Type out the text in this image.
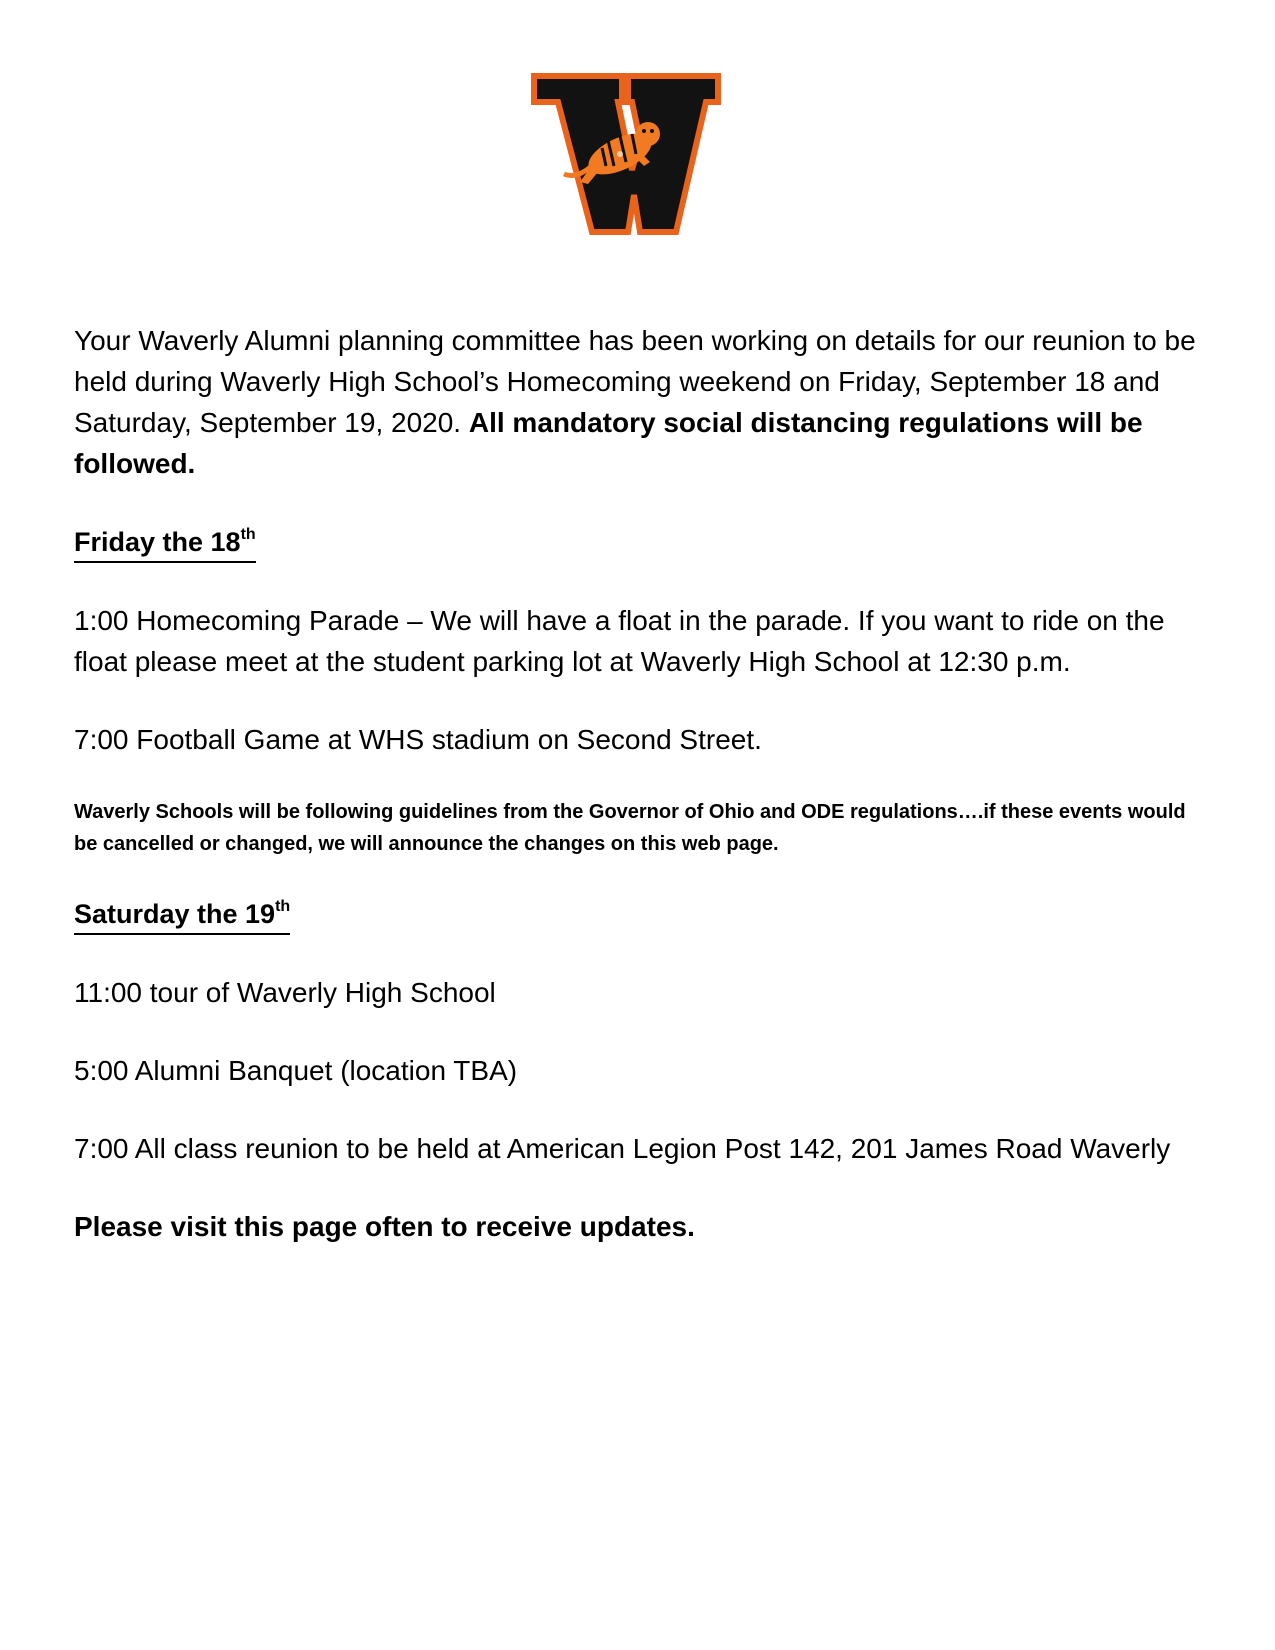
Your Waverly Alumni planning committee has been working on details for our reunion to be held during Waverly High School’s Homecoming weekend on Friday, September 18 and Saturday, September 19, 2020. All mandatory social distancing regulations will be followed.

Friday the 18th

1:00 Homecoming Parade – We will have a float in the parade. If you want to ride on the float please meet at the student parking lot at Waverly High School at 12:30 p.m.

7:00 Football Game at WHS stadium on Second Street.

Waverly Schools will be following guidelines from the Governor of Ohio and ODE regulations….if these events would be cancelled or changed, we will announce the changes on this web page.

Saturday the 19th

11:00 tour of Waverly High School

5:00 Alumni Banquet (location TBA)

7:00 All class reunion to be held at American Legion Post 142, 201 James Road Waverly

Please visit this page often to receive updates.
